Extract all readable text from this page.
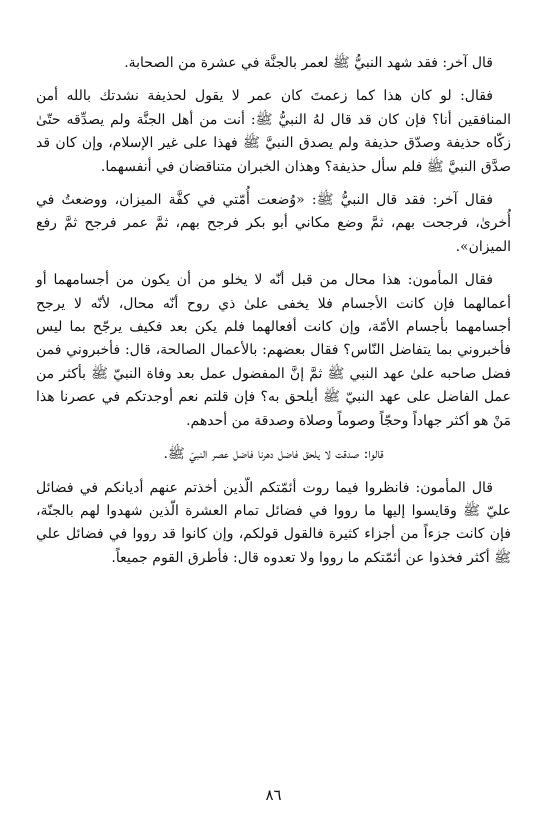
قال آخر: فقد شهد النبيُّ ﷺ لعمر بالجنَّة في عشرة من الصحابة.

فقال: لو كان هذا كما زعمتَ كان عمر لا يقول لحذيفة نشدتك بالله أمن المنافقين أنا؟ فإن كان قد قال لهُ النبيُّ ﷺ: أنت من أهل الجنَّة ولم يصدِّقه حتّىٰ زكّاه حذيفة وصدّق حذيفة ولم يصدق النبيَّ ﷺ فهذا على غير الإسلام، وإن كان قد صدَّق النبيَّ ﷺ فلم سأل حذيفة؟ وهذان الخبران متناقضان في أنفسهما.

فقال آخر: فقد قال النبيُّ ﷺ: «وُضعت أُمّتي في كفَّة الميزان، ووضعتُ في أُخرىٰ، فرجحت بهم، ثمَّ وضع مكاني أبو بكر فرجح بهم، ثمَّ عمر فرجح ثمَّ رفع الميزان».

فقال المأمون: هذا محال من قبل أنّه لا يخلو من أن يكون من أجسامهما أو أعمالهما فإن كانت الأجسام فلا يخفى علىٰ ذي روح أنّه محال، لأنّه لا يرجح أجسامهما بأجسام الأمّة، وإن كانت أفعالهما فلم يكن بعد فكيف يرجّح بما ليس فأخبروني بما يتفاضل النّاس؟ فقال بعضهم: بالأعمال الصالحة، قال: فأخبروني فمن فضل صاحبه علىٰ عهد النبي ﷺ ثمَّ إنَّ المفضول عمل بعد وفاة النبيّ ﷺ بأكثر من عمل الفاضل على عهد النبيّ ﷺ أيلحق به؟ فإن قلتم نعم أوجدتكم في عصرنا هذا مَنْ هو أكثر جهاداً وحجّاً وصوماً وصلاة وصدقة من أحدهم.

قالوا: صدقت لا يلحق فاضل دهرنا فاضل عصر النبيّ ﷺ.

قال المأمون: فانظروا فيما روت أئمّتكم الّذين أخذتم عنهم أديانكم في فضائل عليّ ﷺ وقايسوا إليها ما رووا في فضائل تمام العشرة الّذين شهدوا لهم بالجنّة، فإن كانت جزءاً من أجزاء كثيرة فالقول قولكم، وإن كانوا قد رووا في فضائل علي ﷺ أكثر فخذوا عن أئمّتكم ما رووا ولا تعدوه قال: فأطرق القوم جميعاً.

٨٦
